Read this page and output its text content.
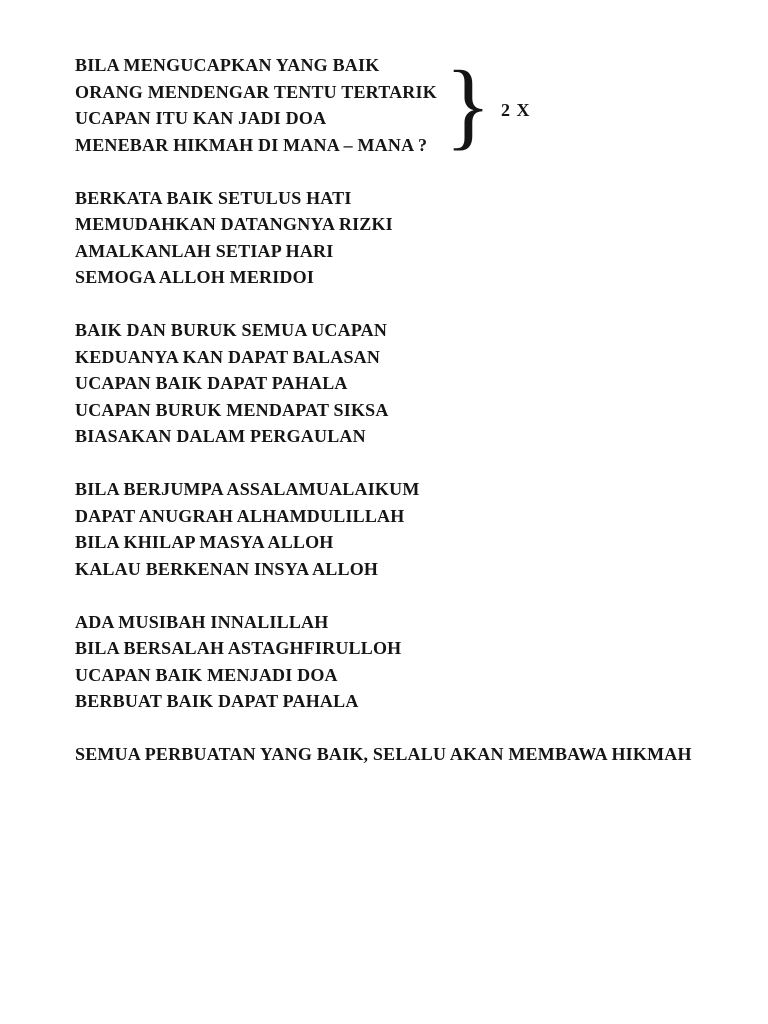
BILA MENGUCAPKAN YANG BAIK

ORANG MENDENGAR TENTU TERTARIK

UCAPAN ITU KAN JADI DOA

MENEBAR HIKMAH DI MANA – MANA ? } 2 X

BERKATA BAIK SETULUS HATI

MEMUDAHKAN DATANGNYA RIZKI

AMALKANLAH SETIAP HARI

SEMOGA ALLOH MERIDOI

BAIK DAN BURUK SEMUA UCAPAN

KEDUANYA KAN DAPAT BALASAN

UCAPAN BAIK DAPAT PAHALA

UCAPAN BURUK MENDAPAT SIKSA

BIASAKAN DALAM PERGAULAN

BILA BERJUMPA ASSALAMUALAIKUM

DAPAT ANUGRAH ALHAMDULILLAH

BILA KHILAP MASYA ALLOH

KALAU BERKENAN INSYA ALLOH

ADA MUSIBAH INNALILLAH

BILA BERSALAH ASTAGHFIRULLOH

UCAPAN BAIK MENJADI DOA

BERBUAT BAIK DAPAT PAHALA

SEMUA PERBUATAN YANG BAIK, SELALU AKAN MEMBAWA HIKMAH
